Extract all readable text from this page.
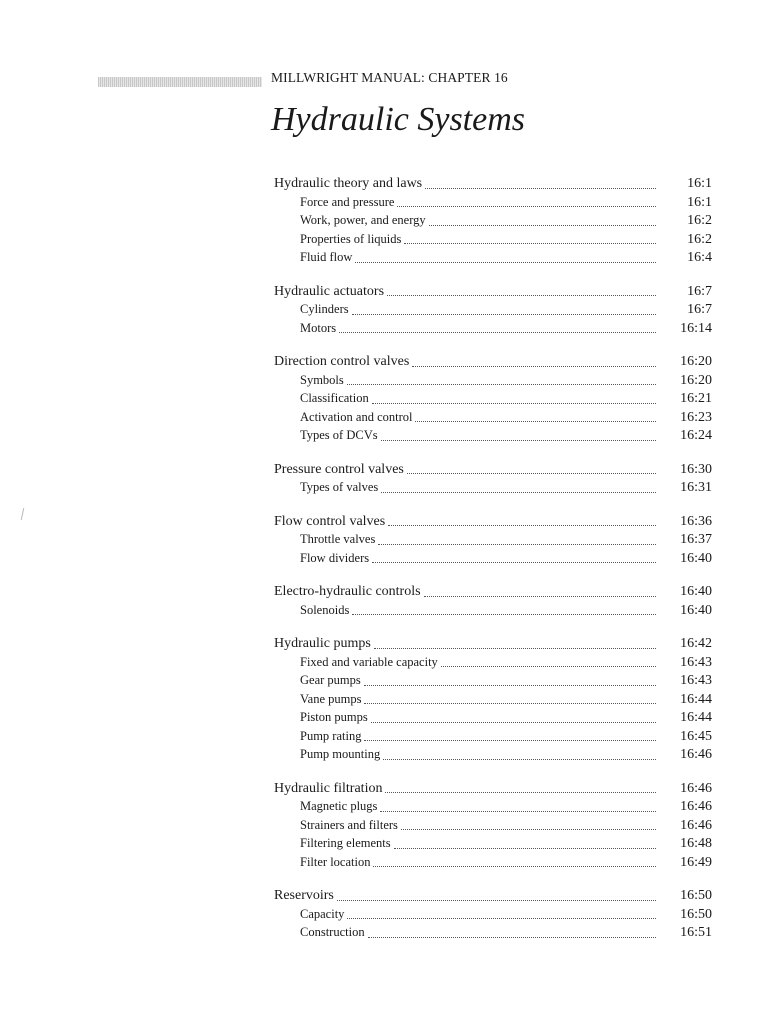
MILLWRIGHT MANUAL: CHAPTER 16
Hydraulic Systems
Hydraulic theory and laws	16:1
Force and pressure	16:1
Work, power, and energy	16:2
Properties of liquids	16:2
Fluid flow	16:4
Hydraulic actuators	16:7
Cylinders	16:7
Motors	16:14
Direction control valves	16:20
Symbols	16:20
Classification	16:21
Activation and control	16:23
Types of DCVs	16:24
Pressure control valves	16:30
Types of valves	16:31
Flow control valves	16:36
Throttle valves	16:37
Flow dividers	16:40
Electro-hydraulic controls	16:40
Solenoids	16:40
Hydraulic pumps	16:42
Fixed and variable capacity	16:43
Gear pumps	16:43
Vane pumps	16:44
Piston pumps	16:44
Pump rating	16:45
Pump mounting	16:46
Hydraulic filtration	16:46
Magnetic plugs	16:46
Strainers and filters	16:46
Filtering elements	16:48
Filter location	16:49
Reservoirs	16:50
Capacity	16:50
Construction	16:51
